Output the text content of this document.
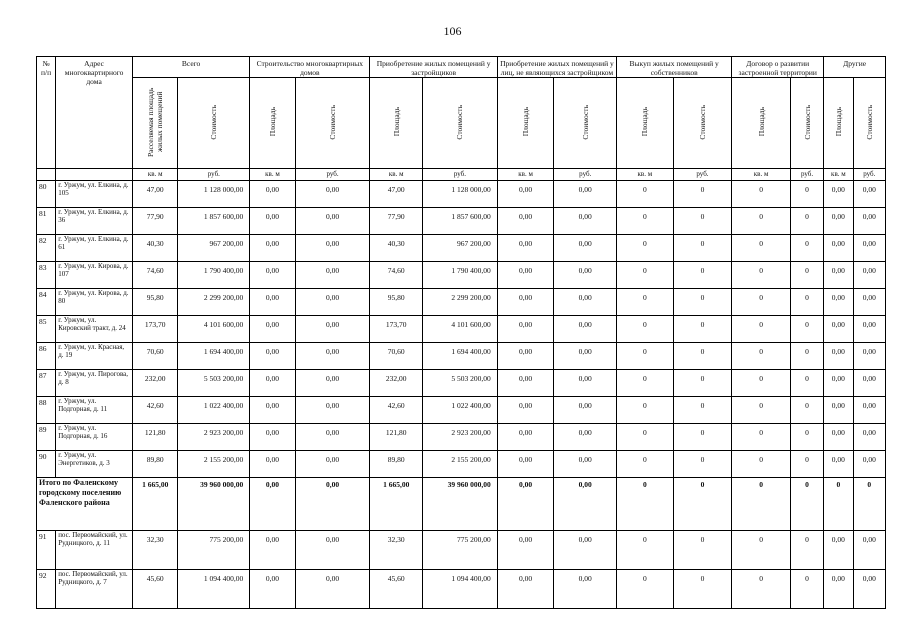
106
№ п/п	Адрес многоквартирного дома	Всего		Строительство многоквартирных домов		Приобретение жилых помещений у застройщиков		Приобретение жилых помещений у лиц, не являющихся застройщиком		Выкуп жилых помещений у собственников		Договор о развитии застроенной территории		Другие	
		Расселяемая площадь жилых помещений	Стоимость	Площадь	Стоимость	Площадь	Стоимость	Площадь	Стоимость	Площадь	Стоимость	Площадь	Стоимость	Площадь	Стоимость
		кв. м	руб.	кв. м	руб.	кв. м	руб.	кв. м	руб.	кв. м	руб.	кв. м	руб.	кв. м	руб.
80	г. Уржум, ул. Елкина, д. 105	47,00	1 128 000,00	0,00	0,00	47,00	1 128 000,00	0,00	0,00	0	0	0	0	0,00	0,00
81	г. Уржум, ул. Елкина, д. 36	77,90	1 857 600,00	0,00	0,00	77,90	1 857 600,00	0,00	0,00	0	0	0	0	0,00	0,00
82	г. Уржум, ул. Елкина, д. 61	40,30	967 200,00	0,00	0,00	40,30	967 200,00	0,00	0,00	0	0	0	0	0,00	0,00
83	г. Уржум, ул. Кирова, д. 107	74,60	1 790 400,00	0,00	0,00	74,60	1 790 400,00	0,00	0,00	0	0	0	0	0,00	0,00
84	г. Уржум, ул. Кирова, д. 80	95,80	2 299 200,00	0,00	0,00	95,80	2 299 200,00	0,00	0,00	0	0	0	0	0,00	0,00
85	г. Уржум, ул. Кировский тракт, д. 24	173,70	4 101 600,00	0,00	0,00	173,70	4 101 600,00	0,00	0,00	0	0	0	0	0,00	0,00
86	г. Уржум, ул. Красная, д. 19	70,60	1 694 400,00	0,00	0,00	70,60	1 694 400,00	0,00	0,00	0	0	0	0	0,00	0,00
87	г. Уржум, ул. Пирогова, д. 8	232,00	5 503 200,00	0,00	0,00	232,00	5 503 200,00	0,00	0,00	0	0	0	0	0,00	0,00
88	г. Уржум, ул. Подгорная, д. 11	42,60	1 022 400,00	0,00	0,00	42,60	1 022 400,00	0,00	0,00	0	0	0	0	0,00	0,00
89	г. Уржум, ул. Подгорная, д. 16	121,80	2 923 200,00	0,00	0,00	121,80	2 923 200,00	0,00	0,00	0	0	0	0	0,00	0,00
90	г. Уржум, ул. Энергетиков, д. 3	89,80	2 155 200,00	0,00	0,00	89,80	2 155 200,00	0,00	0,00	0	0	0	0	0,00	0,00
Итого по Фаленскому городскому поселению Фаленского района		1 665,00	39 960 000,00	0,00	0,00	1 665,00	39 960 000,00	0,00	0,00	0	0	0	0	0	0
91	пос. Первомайский, ул. Рудницкого, д. 11	32,30	775 200,00	0,00	0,00	32,30	775 200,00	0,00	0,00	0	0	0	0	0,00	0,00
92	пос. Первомайский, ул. Рудницкого, д. 7	45,60	1 094 400,00	0,00	0,00	45,60	1 094 400,00	0,00	0,00	0	0	0	0	0,00	0,00
